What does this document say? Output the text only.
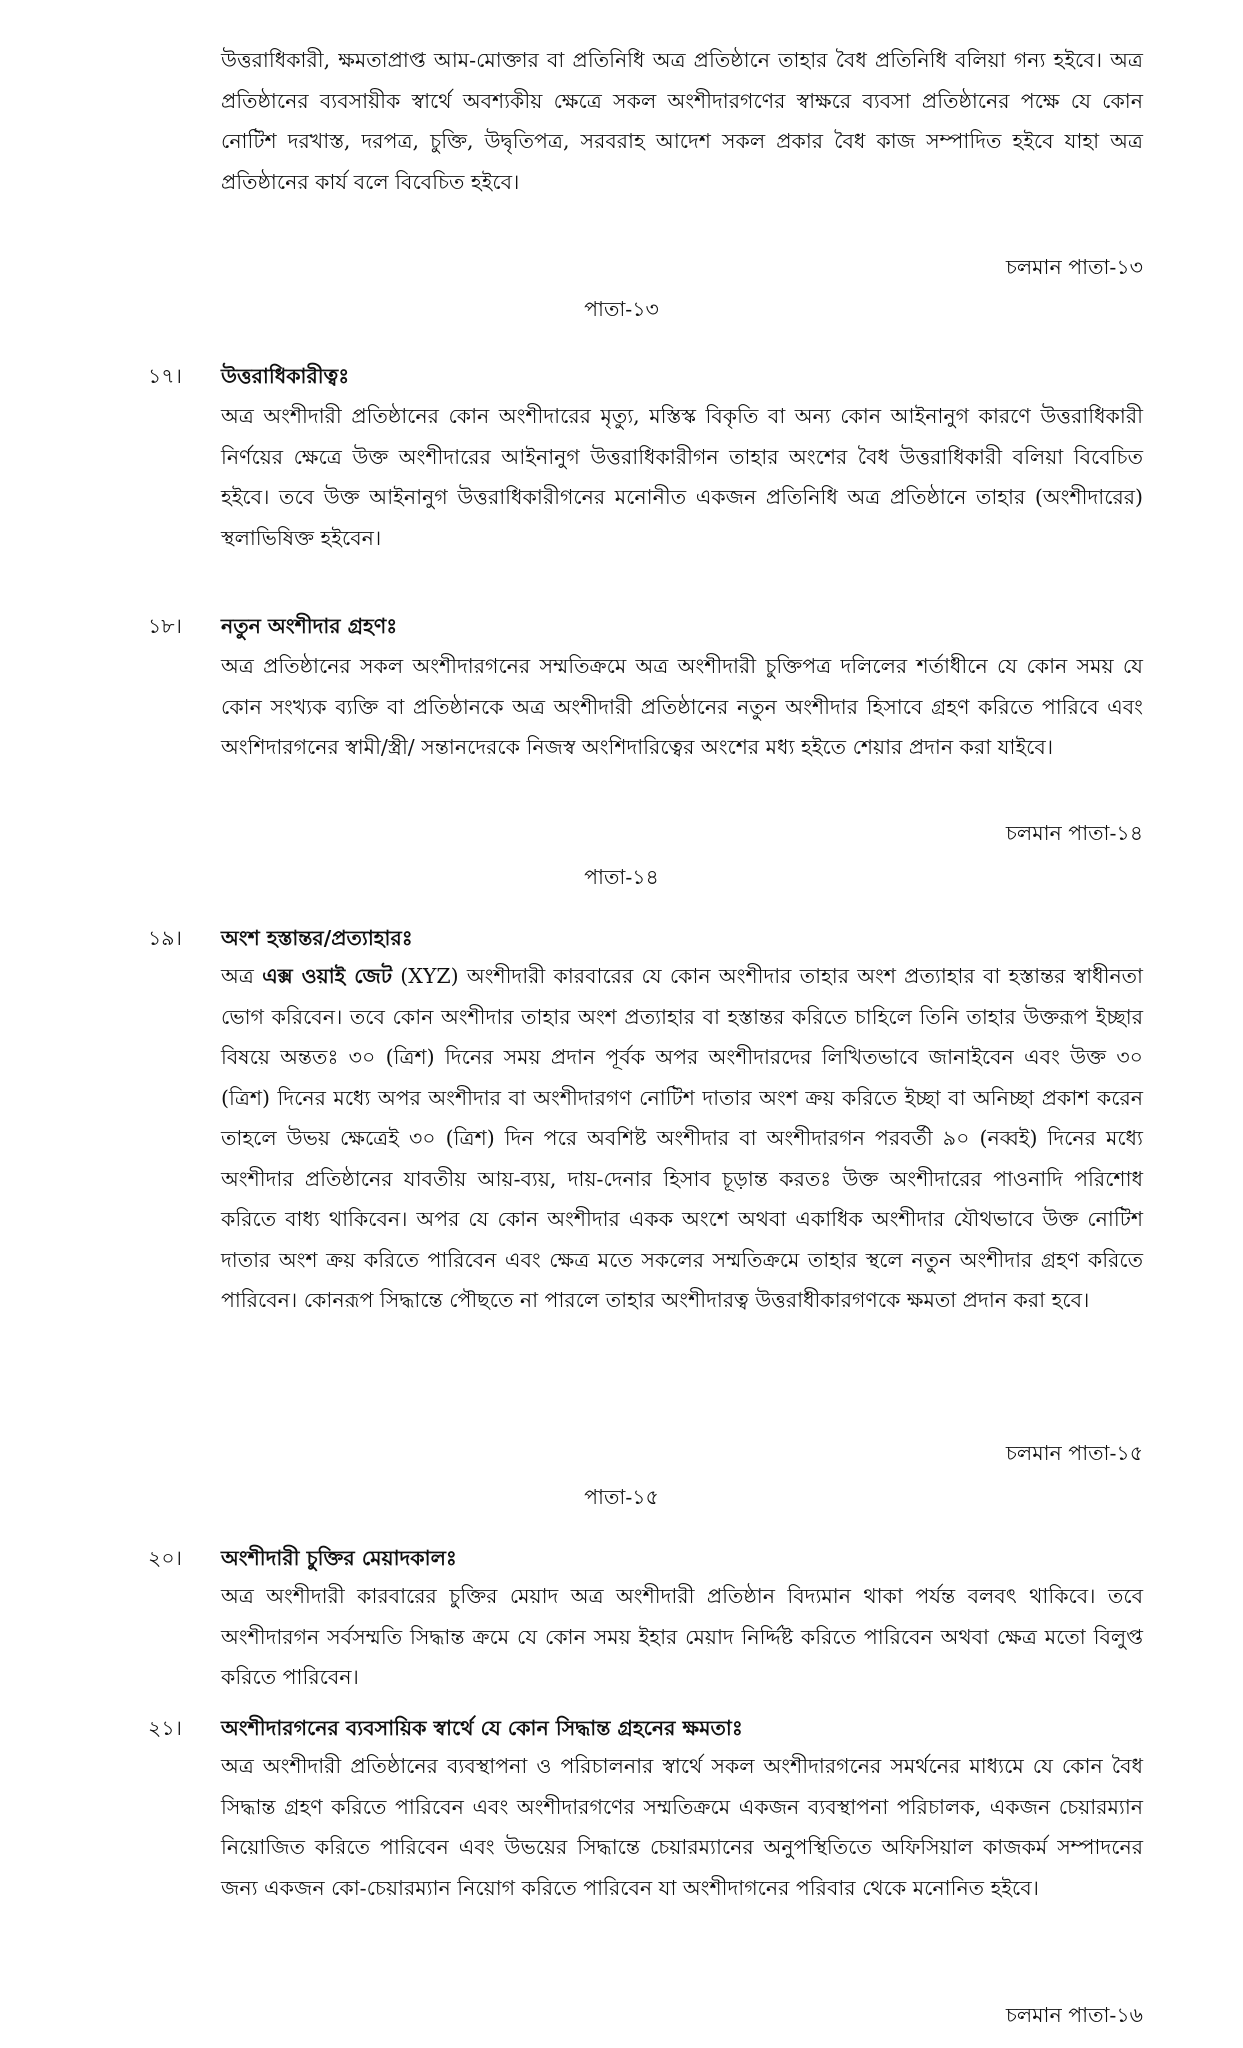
উত্তরাধিকারী, ক্ষমতাপ্রাপ্ত আম-মোক্তার বা প্রতিনিধি অত্র প্রতিষ্ঠানে তাহার বৈধ প্রতিনিধি বলিয়া গন্য হইবে। অত্র প্রতিষ্ঠানের ব্যবসায়ীক স্বার্থে অবশ্যকীয় ক্ষেত্রে সকল অংশীদারগণের স্বাক্ষরে ব্যবসা প্রতিষ্ঠানের পক্ষে যে কোন নোটিশ দরখাস্ত, দরপত্র, চুক্তি, উদ্বৃতিপত্র, সরবরাহ আদেশ সকল প্রকার বৈধ কাজ সম্পাদিত হইবে যাহা অত্র প্রতিষ্ঠানের কার্য বলে বিবেচিত হইবে।

চলমান পাতা-১৩

পাতা-১৩

১৭। উত্তরাধিকারীত্বঃ

অত্র অংশীদারী প্রতিষ্ঠানের কোন অংশীদারের মৃত্যু, মস্তিস্ক বিকৃতি বা অন্য কোন আইনানুগ কারণে উত্তরাধিকারী নির্ণয়ের ক্ষেত্রে উক্ত অংশীদারের আইনানুগ উত্তরাধিকারীগন তাহার অংশের বৈধ উত্তরাধিকারী বলিয়া বিবেচিত হইবে। তবে উক্ত আইনানুগ উত্তরাধিকারীগনের মনোনীত একজন প্রতিনিধি অত্র প্রতিষ্ঠানে তাহার (অংশীদারের) স্থলাভিষিক্ত হইবেন।

১৮। নতুন অংশীদার গ্রহণঃ

অত্র প্রতিষ্ঠানের সকল অংশীদারগনের সম্মতিক্রমে অত্র অংশীদারী চুক্তিপত্র দলিলের শর্তাধীনে যে কোন সময় যে কোন সংখ্যক ব্যক্তি বা প্রতিষ্ঠানকে অত্র অংশীদারী প্রতিষ্ঠানের নতুন অংশীদার হিসাবে গ্রহণ করিতে পারিবে এবং অংশিদারগনের স্বামী/স্ত্রী/ সন্তানদেরকে নিজস্ব অংশিদারিত্বের অংশের মধ্য হইতে শেয়ার প্রদান করা যাইবে।

চলমান পাতা-১৪

পাতা-১৪

১৯। অংশ হস্তান্তর/প্রত্যাহারঃ

অত্র এক্স ওয়াই জেট (XYZ) অংশীদারী কারবারের যে কোন অংশীদার তাহার অংশ প্রত্যাহার বা হস্তান্তর স্বাধীনতা ভোগ করিবেন। তবে কোন অংশীদার তাহার অংশ প্রত্যাহার বা হস্তান্তর করিতে চাহিলে তিনি তাহার উক্তরূপ ইচ্ছার বিষয়ে অন্ততঃ ৩০ (ত্রিশ) দিনের সময় প্রদান পূর্বক অপর অংশীদারদের লিখিতভাবে জানাইবেন এবং উক্ত ৩০ (ত্রিশ) দিনের মধ্যে অপর অংশীদার বা অংশীদারগণ নোটিশ দাতার অংশ ক্রয় করিতে ইচ্ছা বা অনিচ্ছা প্রকাশ করেন তাহলে উভয় ক্ষেত্রেই ৩০ (ত্রিশ) দিন পরে অবশিষ্ট অংশীদার বা অংশীদারগন পরবর্তী ৯০ (নব্বই) দিনের মধ্যে অংশীদার প্রতিষ্ঠানের যাবতীয় আয়-ব্যয়, দায়-দেনার হিসাব চূড়ান্ত করতঃ উক্ত অংশীদারের পাওনাদি পরিশোধ করিতে বাধ্য থাকিবেন। অপর যে কোন অংশীদার একক অংশে অথবা একাধিক অংশীদার যৌথভাবে উক্ত নোটিশ দাতার অংশ ক্রয় করিতে পারিবেন এবং ক্ষেত্র মতে সকলের সম্মতিক্রমে তাহার স্থলে নতুন অংশীদার গ্রহণ করিতে পারিবেন। কোনরূপ সিদ্ধান্তে পৌছতে না পারলে তাহার অংশীদারত্ব উত্তরাধীকারগণকে ক্ষমতা প্রদান করা হবে।

চলমান পাতা-১৫

পাতা-১৫

২০। অংশীদারী চুক্তির মেয়াদকালঃ

অত্র অংশীদারী কারবারের চুক্তির মেয়াদ অত্র অংশীদারী প্রতিষ্ঠান বিদ্যমান থাকা পর্যন্ত বলবৎ থাকিবে। তবে অংশীদারগন সর্বসম্মতি সিদ্ধান্ত ক্রমে যে কোন সময় ইহার মেয়াদ নির্দ্দিষ্ট করিতে পারিবেন অথবা ক্ষেত্র মতো বিলুপ্ত করিতে পারিবেন।

২১। অংশীদারগনের ব্যবসায়িক স্বার্থে যে কোন সিদ্ধান্ত গ্রহনের ক্ষমতাঃ

অত্র অংশীদারী প্রতিষ্ঠানের ব্যবস্থাপনা ও পরিচালনার স্বার্থে সকল অংশীদারগনের সমর্থনের মাধ্যমে যে কোন বৈধ সিদ্ধান্ত গ্রহণ করিতে পারিবেন এবং অংশীদারগণের সম্মতিক্রমে একজন ব্যবস্থাপনা পরিচালক, একজন চেয়ারম্যান নিয়োজিত করিতে পারিবেন এবং উভয়ের সিদ্ধান্তে চেয়ারম্যানের অনুপস্থিতিতে অফিসিয়াল কাজকর্ম সম্পাদনের জন্য একজন কো-চেয়ারম্যান নিয়োগ করিতে পারিবেন যা অংশীদাগনের পরিবার থেকে মনোনিত হইবে।

চলমান পাতা-১৬
